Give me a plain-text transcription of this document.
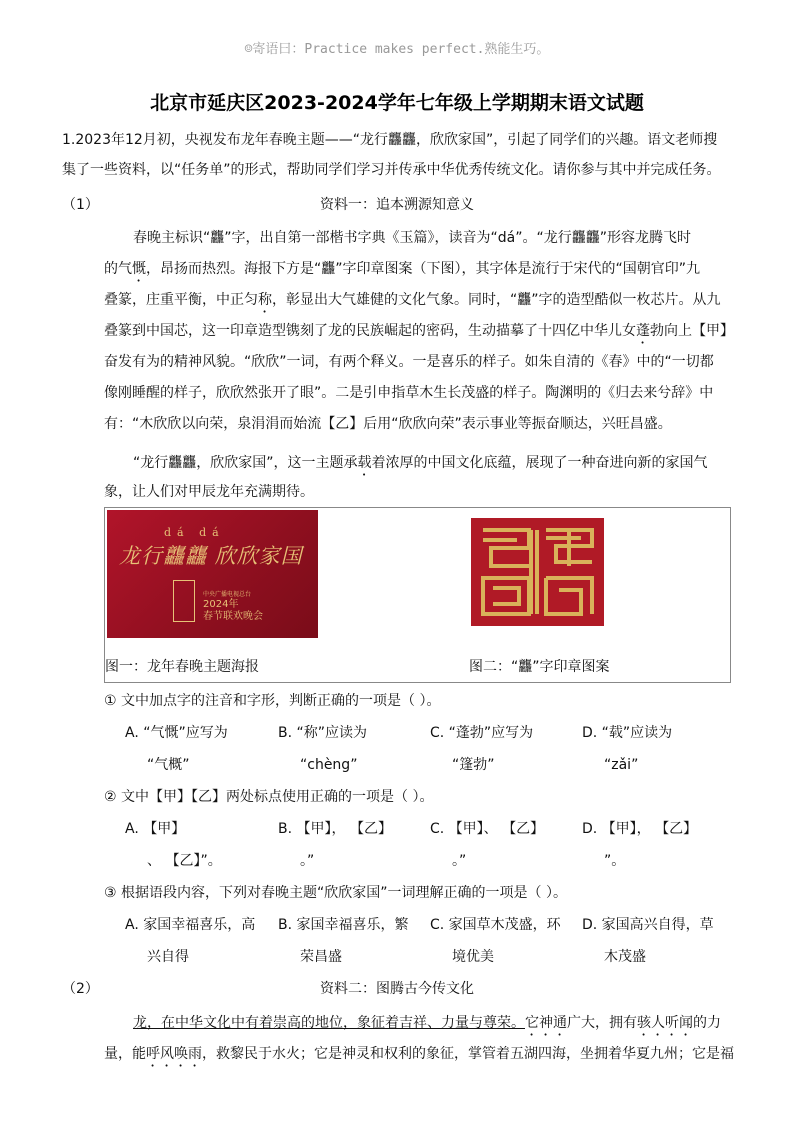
☺寄语曰：Practice makes perfect.熟能生巧。
北京市延庆区2023-2024学年七年级上学期期末语文试题
1.2023年12月初，央视发布龙年春晚主题——“龙行龘龘，欣欣家国”，引起了同学们的兴趣。语文老师搜
集了一些资料，以“任务单”的形式，帮助同学们学习并传承中华优秀传统文化。请你参与其中并完成任务。
（1）	资料一：追本溯源知意义
春晚主标识“龘”字，出自第一部楷书字典《玉篇》，读音为“dá”。“龙行龘龘”形容龙腾飞时
的气慨，昂扬而热烈。海报下方是“龘”字印章图案（下图），其字体是流行于宋代的“国朝官印”九
叠篆，庄重平衡，中正匀称，彰显出大气雄健的文化气象。同时，“龘”字的造型酷似一枚芯片。从九
叠篆到中国芯，这一印章造型镌刻了龙的民族崛起的密码，生动描摹了十四亿中华儿女蓬勃向上【甲】
奋发有为的精神风貌。“欣欣”一词，有两个释义。一是喜乐的样子。如朱自清的《春》中的“一切都
像刚睡醒的样子，欣欣然张开了眼”。二是引申指草木生长茂盛的样子。陶渊明的《归去来兮辞》中
有：“木欣欣以向荣，泉涓涓而始流【乙】后用“欣欣向荣”表示事业等振奋顺达，兴旺昌盛。
“龙行龘龘，欣欣家国”，这一主题承载着浓厚的中国文化底蕴，展现了一种奋进向新的家国气
象，让人们对甲辰龙年充满期待。
dá dá
龙行龘龘 欣欣家国
中央广播电视总台
2024年
春节联欢晚会
图一：龙年春晚主题海报	图二：“龘”字印章图案
① 文中加点字的注音和字形，判断正确的一项是（ ）。
A. “气慨”应写为
“气概”
B. “称”应读为
“chèng”
C. “蓬勃”应写为
“篷勃”
D. “载”应读为
“zǎi”
② 文中【甲】【乙】两处标点使用正确的一项是（ ）。
A. 【甲】
、 【乙】”。
B. 【甲】， 【乙】
。”
C. 【甲】、 【乙】
。”
D. 【甲】， 【乙】
”。
③ 根据语段内容，下列对春晚主题“欣欣家国”一词理解正确的一项是（ ）。
A. 家国幸福喜乐，高
兴自得
B. 家国幸福喜乐，繁
荣昌盛
C. 家国草木茂盛，环
境优美
D. 家国高兴自得，草
木茂盛
（2）	资料二：图腾古今传文化
龙，在中华文化中有着崇高的地位，象征着吉祥、力量与尊荣。它神通广大，拥有骇人听闻的力
量，能呼风唤雨，救黎民于水火；它是神灵和权利的象征，掌管着五湖四海，坐拥着华夏九州；它是福
